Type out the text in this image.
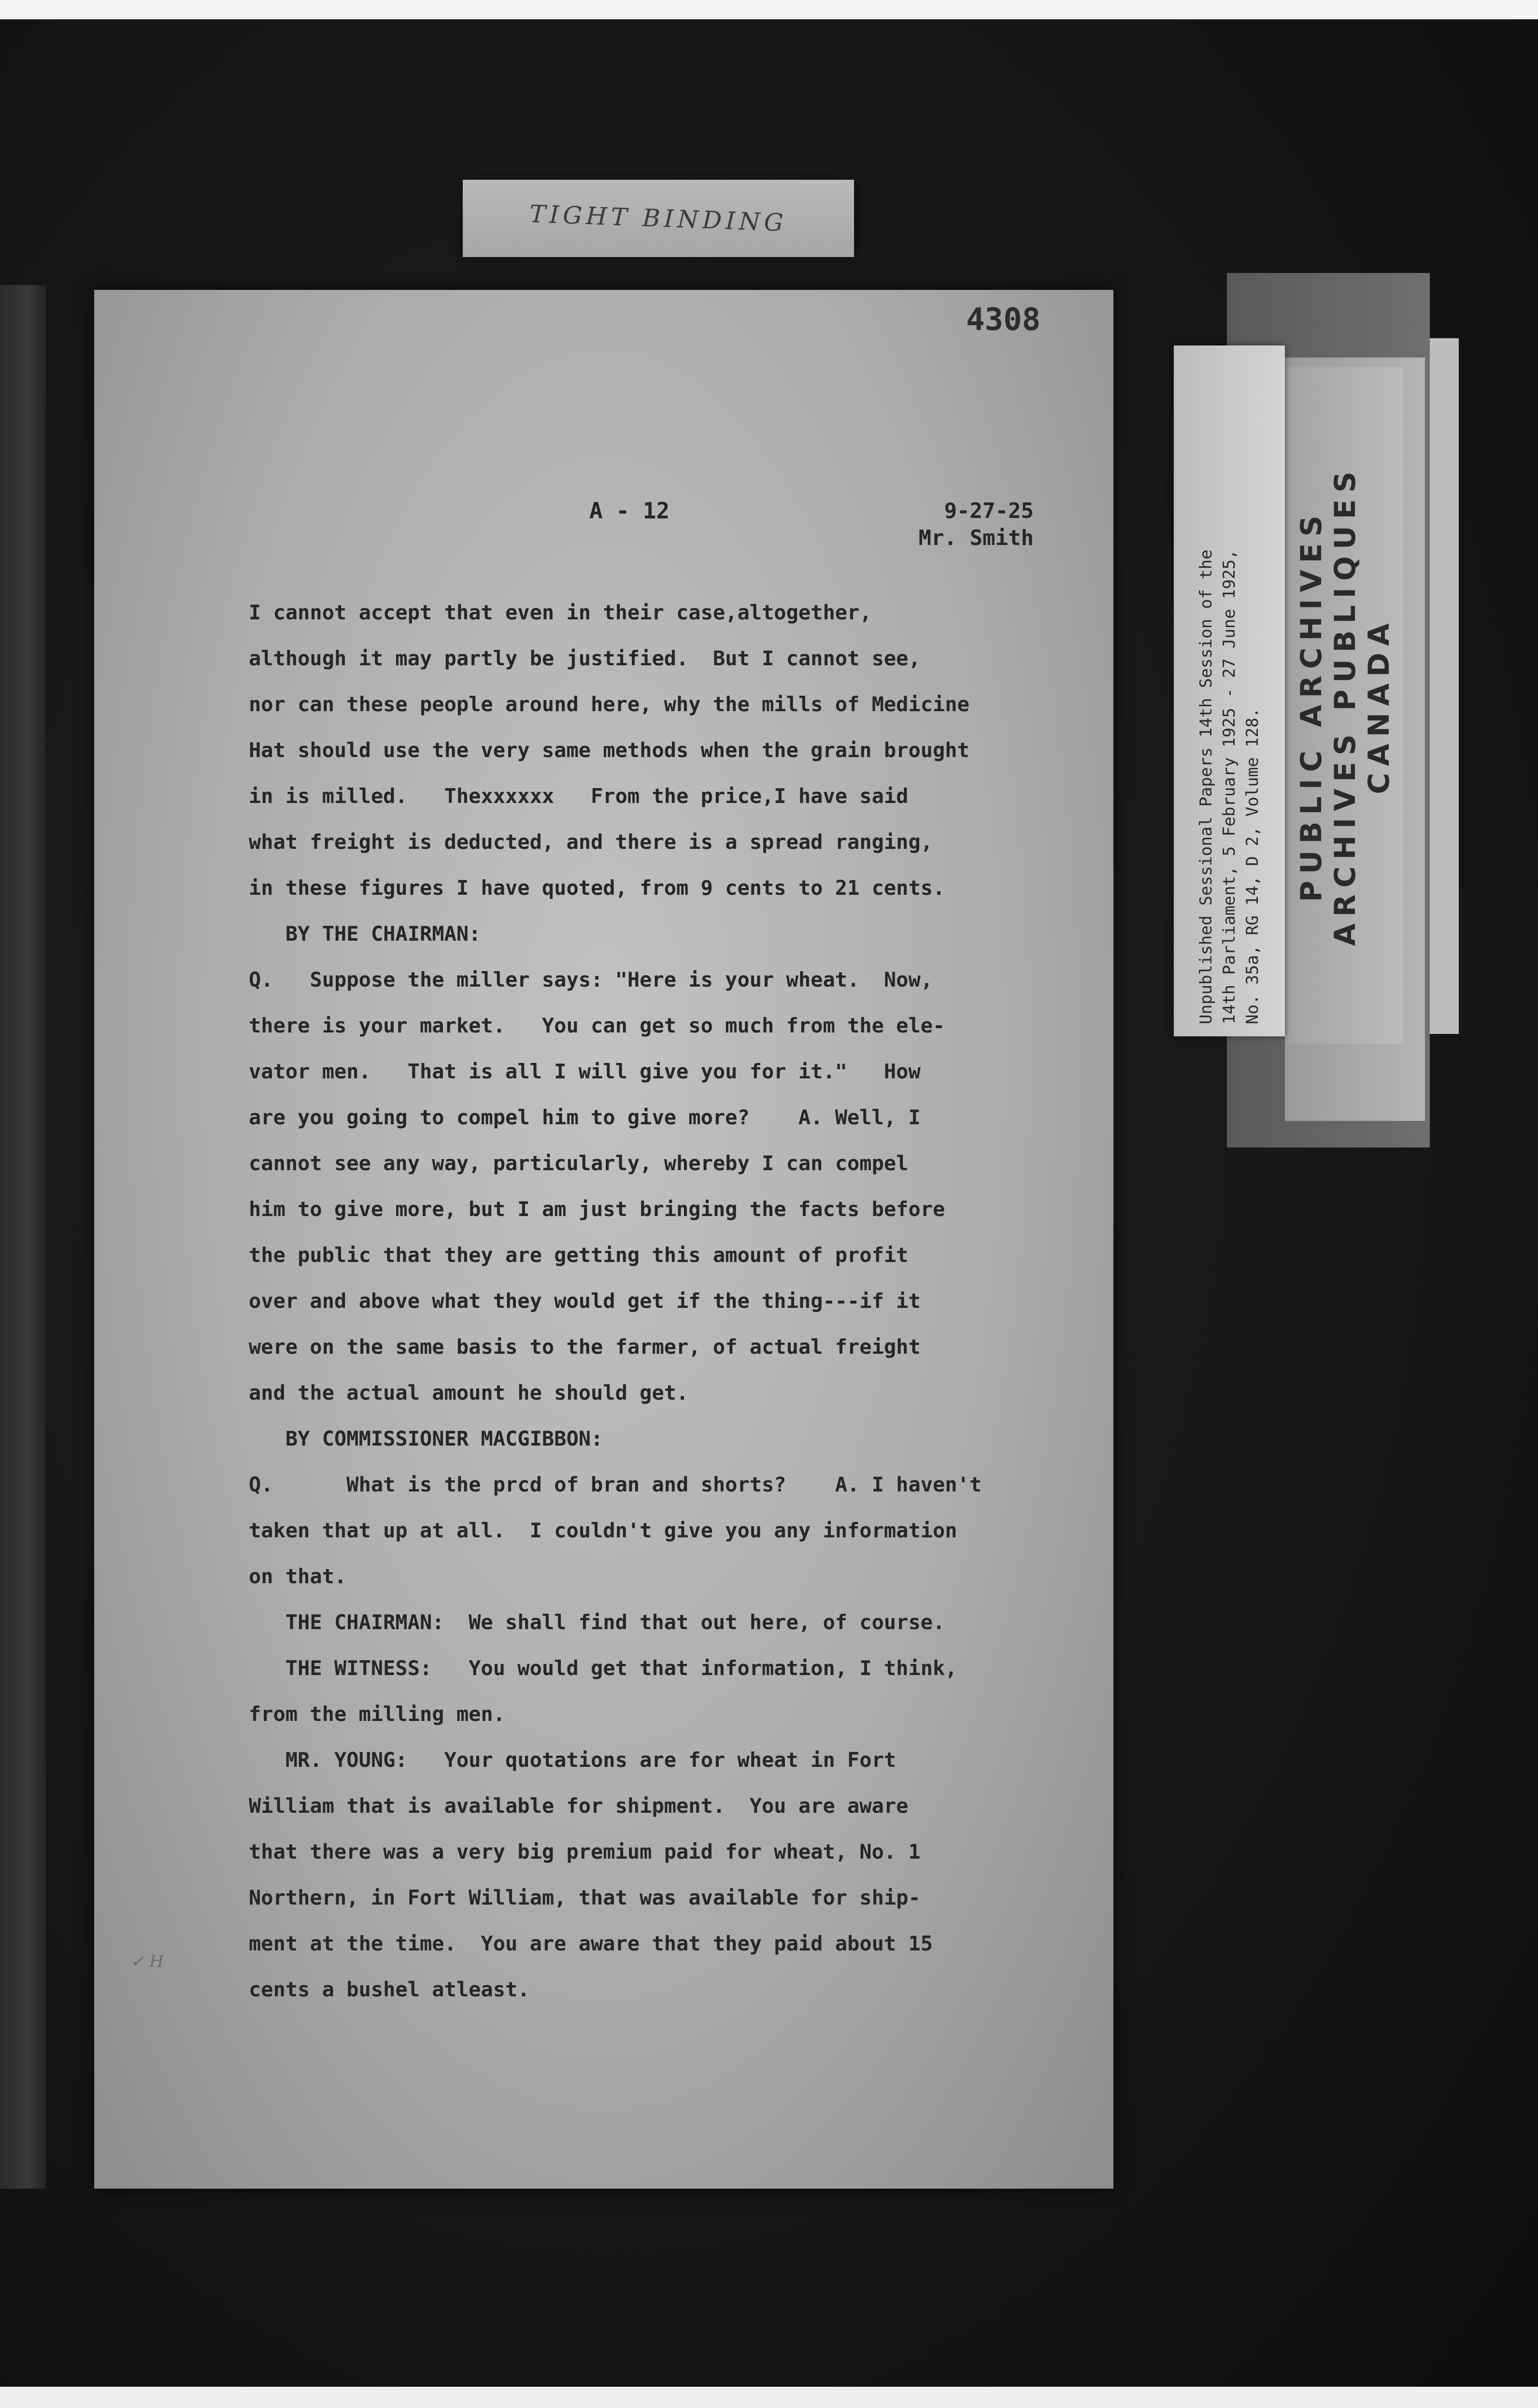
TIGHT BINDING
4308
A - 12	9-27-25
Mr. Smith
I cannot accept that even in their case,altogether,
although it may partly be justified.  But I cannot see,
nor can these people around here, why the mills of Medicine
Hat should use the very same methods when the grain brought
in is milled.   Thexxxxxx   From the price,I have said
what freight is deducted, and there is a spread ranging,
in these figures I have quoted, from 9 cents to 21 cents.
BY THE CHAIRMAN:
Q.   Suppose the miller says: "Here is your wheat.  Now,
there is your market.   You can get so much from the ele-
vator men.   That is all I will give you for it."   How
are you going to compel him to give more?    A. Well, I
cannot see any way, particularly, whereby I can compel
him to give more, but I am just bringing the facts before
the public that they are getting this amount of profit
over and above what they would get if the thing---if it
were on the same basis to the farmer, of actual freight
and the actual amount he should get.
BY COMMISSIONER MACGIBBON:
Q.      What is the prcd of bran and shorts?    A. I haven't
taken that up at all.  I couldn't give you any information
on that.
THE CHAIRMAN:  We shall find that out here, of course.
THE WITNESS:   You would get that information, I think,
from the milling men.
MR. YOUNG:   Your quotations are for wheat in Fort
William that is available for shipment.  You are aware
that there was a very big premium paid for wheat, No. 1
Northern, in Fort William, that was available for ship-
ment at the time.  You are aware that they paid about 15
cents a bushel atleast.
✓ H
PUBLIC ARCHIVES ARCHIVES PUBLIQUES CANADA
Unpublished Sessional Papers 14th Session of the 14th Parliament, 5 February 1925 - 27 June 1925, No. 35a, RG 14, D 2, Volume 128.
